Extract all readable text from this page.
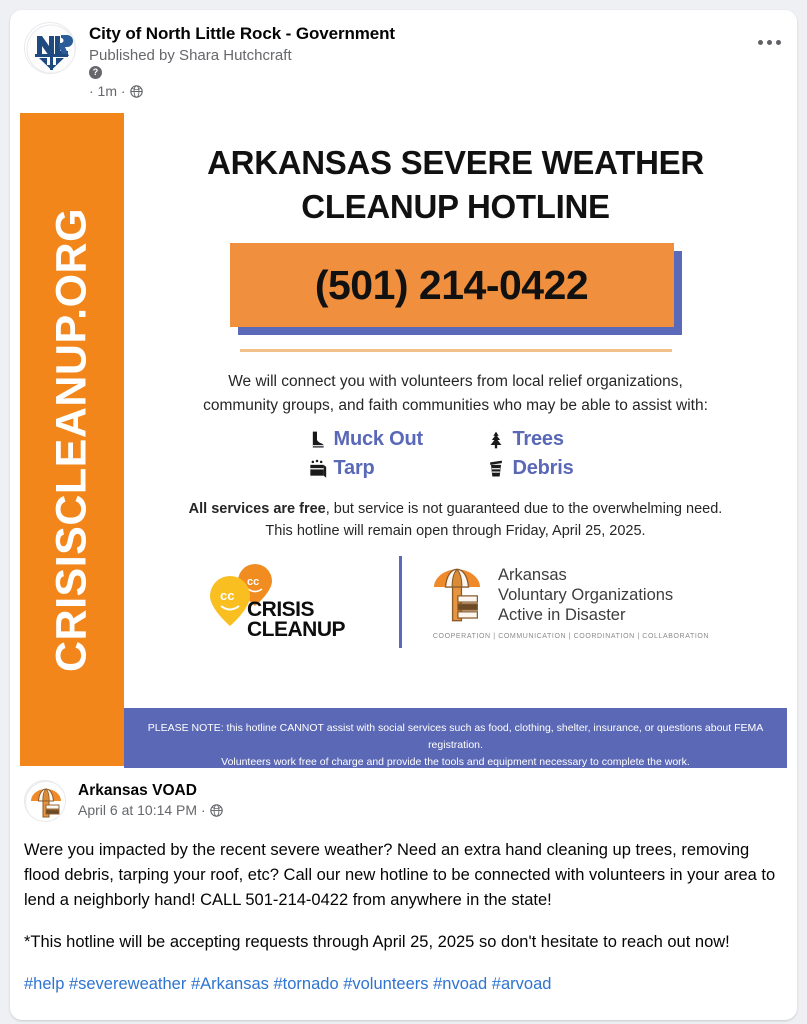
City of North Little Rock - Government
Published by Shara Hutchcraft
?
· 1m ·
CRISISCLEANUP.ORG
ARKANSAS SEVERE WEATHER
CLEANUP HOTLINE
(501) 214-0422
We will connect you with volunteers from local relief organizations,
community groups, and faith communities who may be able to assist with:
Muck Out	Trees
Tarp	Debris
All services are free, but service is not guaranteed due to the overwhelming need.
This hotline will remain open through Friday, April 25, 2025.
cc
cc
CRISIS
CLEANUP
Arkansas
Voluntary Organizations
Active in Disaster
COOPERATION | COMMUNICATION | COORDINATION | COLLABORATION
PLEASE NOTE: this hotline CANNOT assist with social services such as food, clothing, shelter, insurance, or questions about FEMA registration.
Volunteers work free of charge and provide the tools and equipment necessary to complete the work.
Arkansas VOAD
April 6 at 10:14 PM ·

Were you impacted by the recent severe weather? Need an extra hand cleaning up trees, removing flood debris, tarping your roof, etc? Call our new hotline to be connected with volunteers in your area to lend a neighborly hand! CALL 501-214-0422 from anywhere in the state!

*This hotline will be accepting requests through April 25, 2025 so don't hesitate to reach out now!

#help #severeweather #Arkansas #tornado #volunteers #nvoad #arvoad
